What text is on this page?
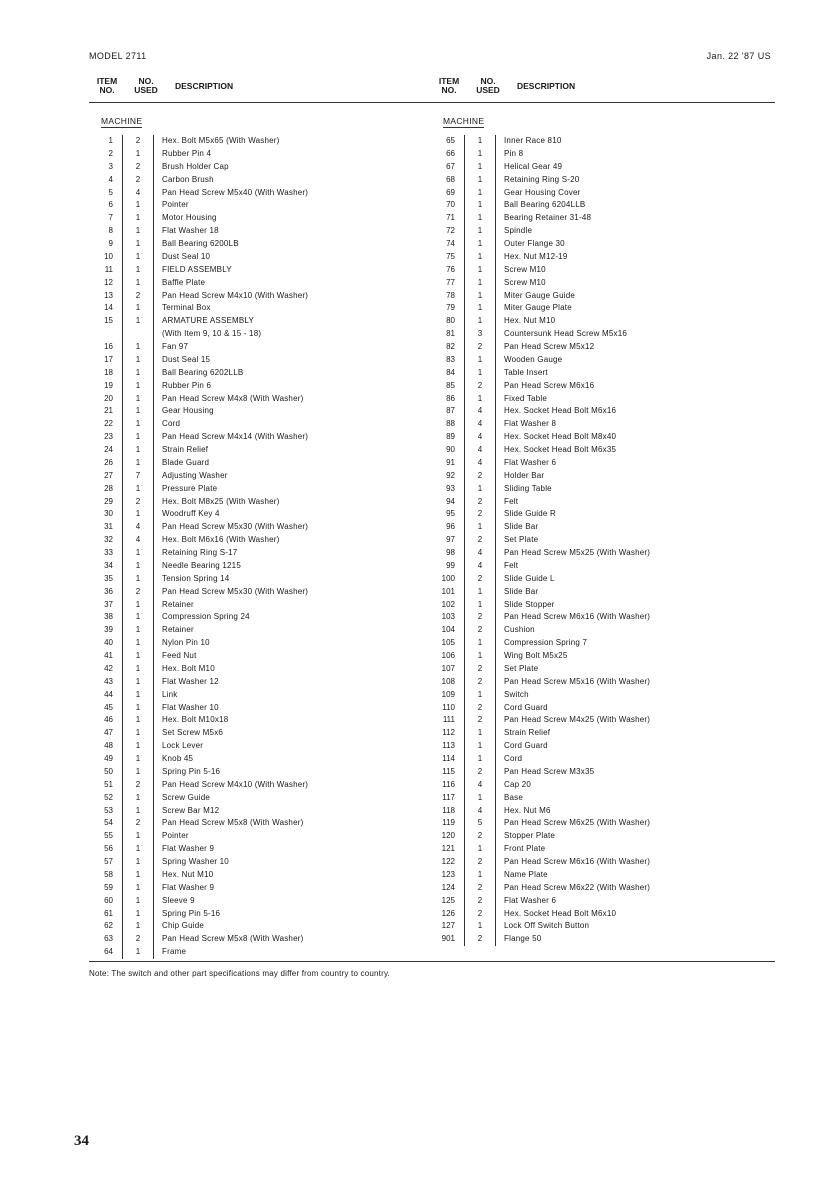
MODEL 2711	Jan. 22 '87 US
ITEM
NO.
NO.
USED	DESCRIPTION	ITEM
NO.
NO.
USED	DESCRIPTION
MACHINE	MACHINE
1	2	Hex. Bolt M5x65 (With Washer)
2	1	Rubber Pin 4
3	2	Brush Holder Cap
4	2	Carbon Brush
5	4	Pan Head Screw M5x40 (With Washer)
6	1	Pointer
7	1	Motor Housing
8	1	Flat Washer 18
9	1	Ball Bearing 6200LB
10	1	Dust Seal 10
11	1	FIELD ASSEMBLY
12	1	Baffle Plate
13	2	Pan Head Screw M4x10 (With Washer)
14	1	Terminal Box
15	1	ARMATURE ASSEMBLY
		(With Item 9, 10 & 15 - 18)
16	1	Fan 97
17	1	Dust Seal 15
18	1	Ball Bearing 6202LLB
19	1	Rubber Pin 6
20	1	Pan Head Screw M4x8 (With Washer)
21	1	Gear Housing
22	1	Cord
23	1	Pan Head Screw M4x14 (With Washer)
24	1	Strain Relief
26	1	Blade Guard
27	7	Adjusting Washer
28	1	Pressure Plate
29	2	Hex. Bolt M8x25 (With Washer)
30	1	Woodruff Key 4
31	4	Pan Head Screw M5x30 (With Washer)
32	4	Hex. Bolt M6x16 (With Washer)
33	1	Retaining Ring S-17
34	1	Needle Bearing 1215
35	1	Tension Spring 14
36	2	Pan Head Screw M5x30 (With Washer)
37	1	Retainer
38	1	Compression Spring 24
39	1	Retainer
40	1	Nylon Pin 10
41	1	Feed Nut
42	1	Hex. Bolt M10
43	1	Flat Washer 12
44	1	Link
45	1	Flat Washer 10
46	1	Hex. Bolt M10x18
47	1	Set Screw M5x6
48	1	Lock Lever
49	1	Knob 45
50	1	Spring Pin 5-16
51	2	Pan Head Screw M4x10 (With Washer)
52	1	Screw Guide
53	1	Screw Bar M12
54	2	Pan Head Screw M5x8 (With Washer)
55	1	Pointer
56	1	Flat Washer 9
57	1	Spring Washer 10
58	1	Hex. Nut M10
59	1	Flat Washer 9
60	1	Sleeve 9
61	1	Spring Pin 5-16
62	1	Chip Guide
63	2	Pan Head Screw M5x8 (With Washer)
64	1	Frame
65	1	Inner Race 810
66	1	Pin 8
67	1	Helical Gear 49
68	1	Retaining Ring S-20
69	1	Gear Housing Cover
70	1	Ball Bearing 6204LLB
71	1	Bearing Retainer 31-48
72	1	Spindle
74	1	Outer Flange 30
75	1	Hex. Nut M12-19
76	1	Screw M10
77	1	Screw M10
78	1	Miter Gauge Guide
79	1	Miter Gauge Plate
80	1	Hex. Nut M10
81	3	Countersunk Head Screw M5x16
82	2	Pan Head Screw M5x12
83	1	Wooden Gauge
84	1	Table Insert
85	2	Pan Head Screw M6x16
86	1	Fixed Table
87	4	Hex. Socket Head Bolt M6x16
88	4	Flat Washer 8
89	4	Hex. Socket Head Bolt M8x40
90	4	Hex. Socket Head Bolt M6x35
91	4	Flat Washer 6
92	2	Holder Bar
93	1	Sliding Table
94	2	Felt
95	2	Slide Guide R
96	1	Slide Bar
97	2	Set Plate
98	4	Pan Head Screw M5x25 (With Washer)
99	4	Felt
100	2	Slide Guide L
101	1	Slide Bar
102	1	Slide Stopper
103	2	Pan Head Screw M6x16 (With Washer)
104	2	Cushion
105	1	Compression Spring 7
106	1	Wing Bolt M5x25
107	2	Set Plate
108	2	Pan Head Screw M5x16 (With Washer)
109	1	Switch
110	2	Cord Guard
111	2	Pan Head Screw M4x25 (With Washer)
112	1	Strain Relief
113	1	Cord Guard
114	1	Cord
115	2	Pan Head Screw M3x35
116	4	Cap 20
117	1	Base
118	4	Hex. Nut M6
119	5	Pan Head Screw M6x25 (With Washer)
120	2	Stopper Plate
121	1	Front Plate
122	2	Pan Head Screw M6x16 (With Washer)
123	1	Name Plate
124	2	Pan Head Screw M6x22 (With Washer)
125	2	Flat Washer 6
126	2	Hex. Socket Head Bolt M6x10
127	1	Lock Off Switch Button
901	2	Flange 50
Note: The switch and other part specifications may differ from country to country.
34
